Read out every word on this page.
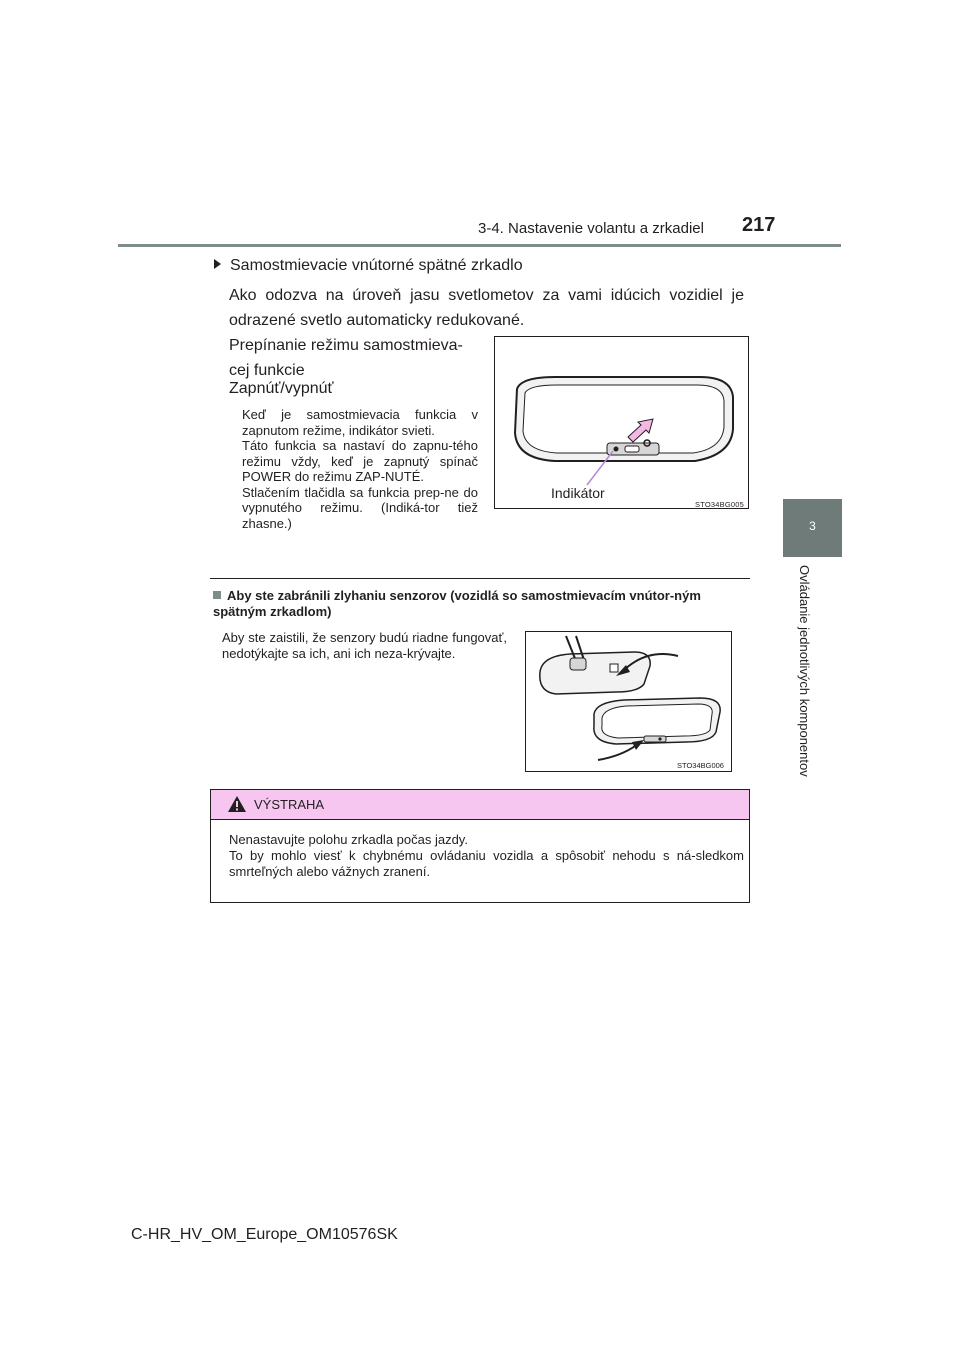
3-4. Nastavenie volantu a zrkadiel 217
3
Ovládanie jednotlivých komponentov
Samostmievacie vnútorné spätné zrkadlo

Ako odozva na úroveň jasu svetlometov za vami idúcich vozidiel je odrazené svetlo automaticky redukované.

Prepínanie režimu samostmieva-cej funkcie

Zapnúť/vypnúť

Keď je samostmievacia funkcia v zapnutom režime, indikátor svieti.

Táto funkcia sa nastaví do zapnu-tého režimu vždy, keď je zapnutý spínač POWER do režimu ZAP-NUTÉ.

Stlačením tlačidla sa funkcia prep-ne do vypnutého režimu. (Indiká-tor tiež zhasne.)

Indikátor
STO34BG005
Aby ste zabránili zlyhaniu senzorov (vozidlá so samostmievacím vnútor-ným spätným zrkadlom)

Aby ste zaistili, že senzory budú riadne fungovať, nedotýkajte sa ich, ani ich neza-krývajte.

STO34BG006
VÝSTRAHA

Nenastavujte polohu zrkadla počas jazdy.

To by mohlo viesť k chybnému ovládaniu vozidla a spôsobiť nehodu s ná-sledkom smrteľných alebo vážnych zranení.

C-HR_HV_OM_Europe_OM10576SK
